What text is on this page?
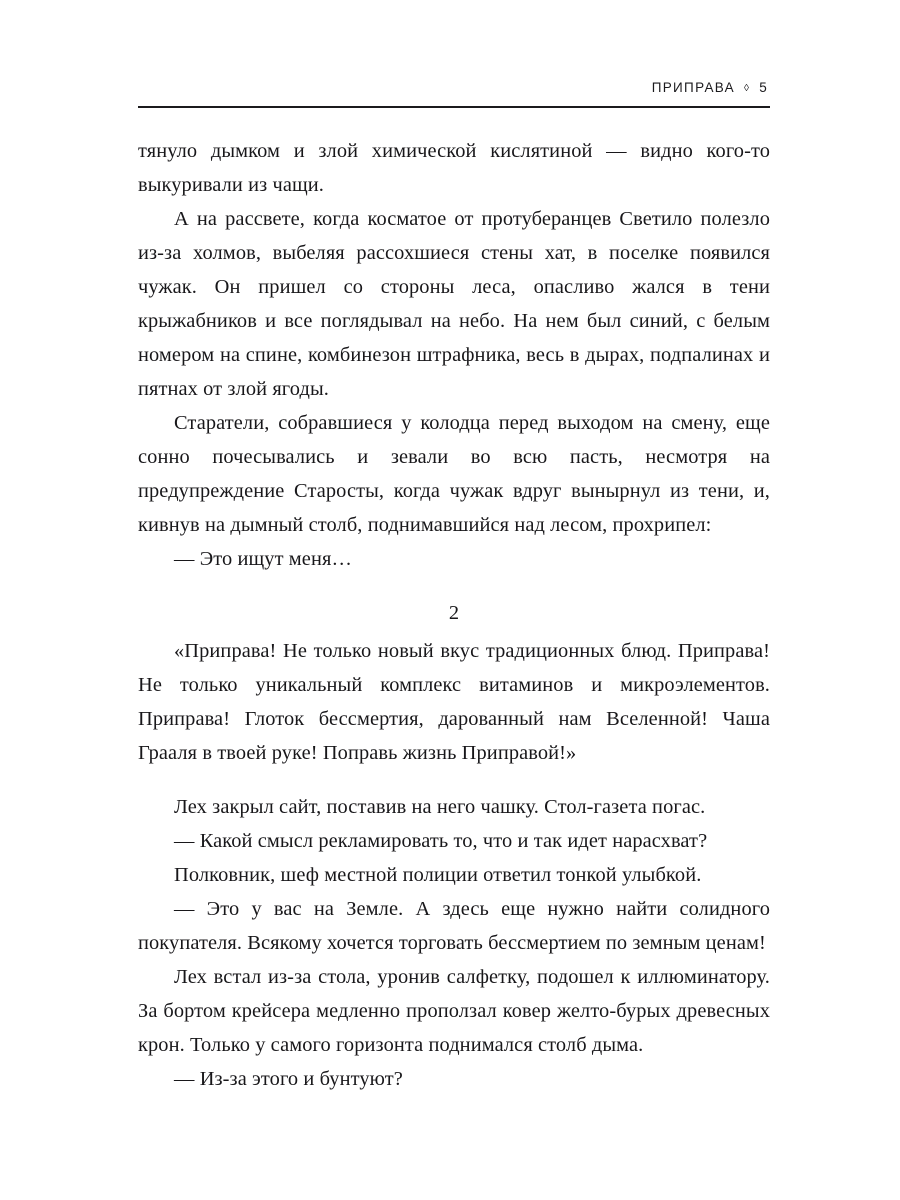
ПРИПРАВА ◊ 5

тянуло дымком и злой химической кислятиной — видно кого-то выкуривали из чащи.

А на рассвете, когда косматое от протуберанцев Светило полезло из-за холмов, выбеляя рассохшиеся стены хат, в поселке появился чужак. Он пришел со стороны леса, опасливо жался в тени крыжабников и все поглядывал на небо. На нем был синий, с белым номером на спине, комбинезон штрафника, весь в дырах, подпалинах и пятнах от злой ягоды.

Старатели, собравшиеся у колодца перед выходом на смену, еще сонно почесывались и зевали во всю пасть, несмотря на предупреждение Старосты, когда чужак вдруг вынырнул из тени, и, кивнув на дымный столб, поднимавшийся над лесом, прохрипел:

— Это ищут меня…

2

«Приправа! Не только новый вкус традиционных блюд. Приправа! Не только уникальный комплекс витаминов и микроэлементов. Приправа! Глоток бессмертия, дарованный нам Вселенной! Чаша Грааля в твоей руке! Поправь жизнь Приправой!»

Лех закрыл сайт, поставив на него чашку. Стол-газета погас.

— Какой смысл рекламировать то, что и так идет нарасхват?

Полковник, шеф местной полиции ответил тонкой улыбкой.

— Это у вас на Земле. А здесь еще нужно найти солидного покупателя. Всякому хочется торговать бессмертием по земным ценам!

Лех встал из-за стола, уронив салфетку, подошел к иллюминатору. За бортом крейсера медленно проползал ковер желто-бурых древесных крон. Только у самого горизонта поднимался столб дыма.

— Из-за этого и бунтуют?
